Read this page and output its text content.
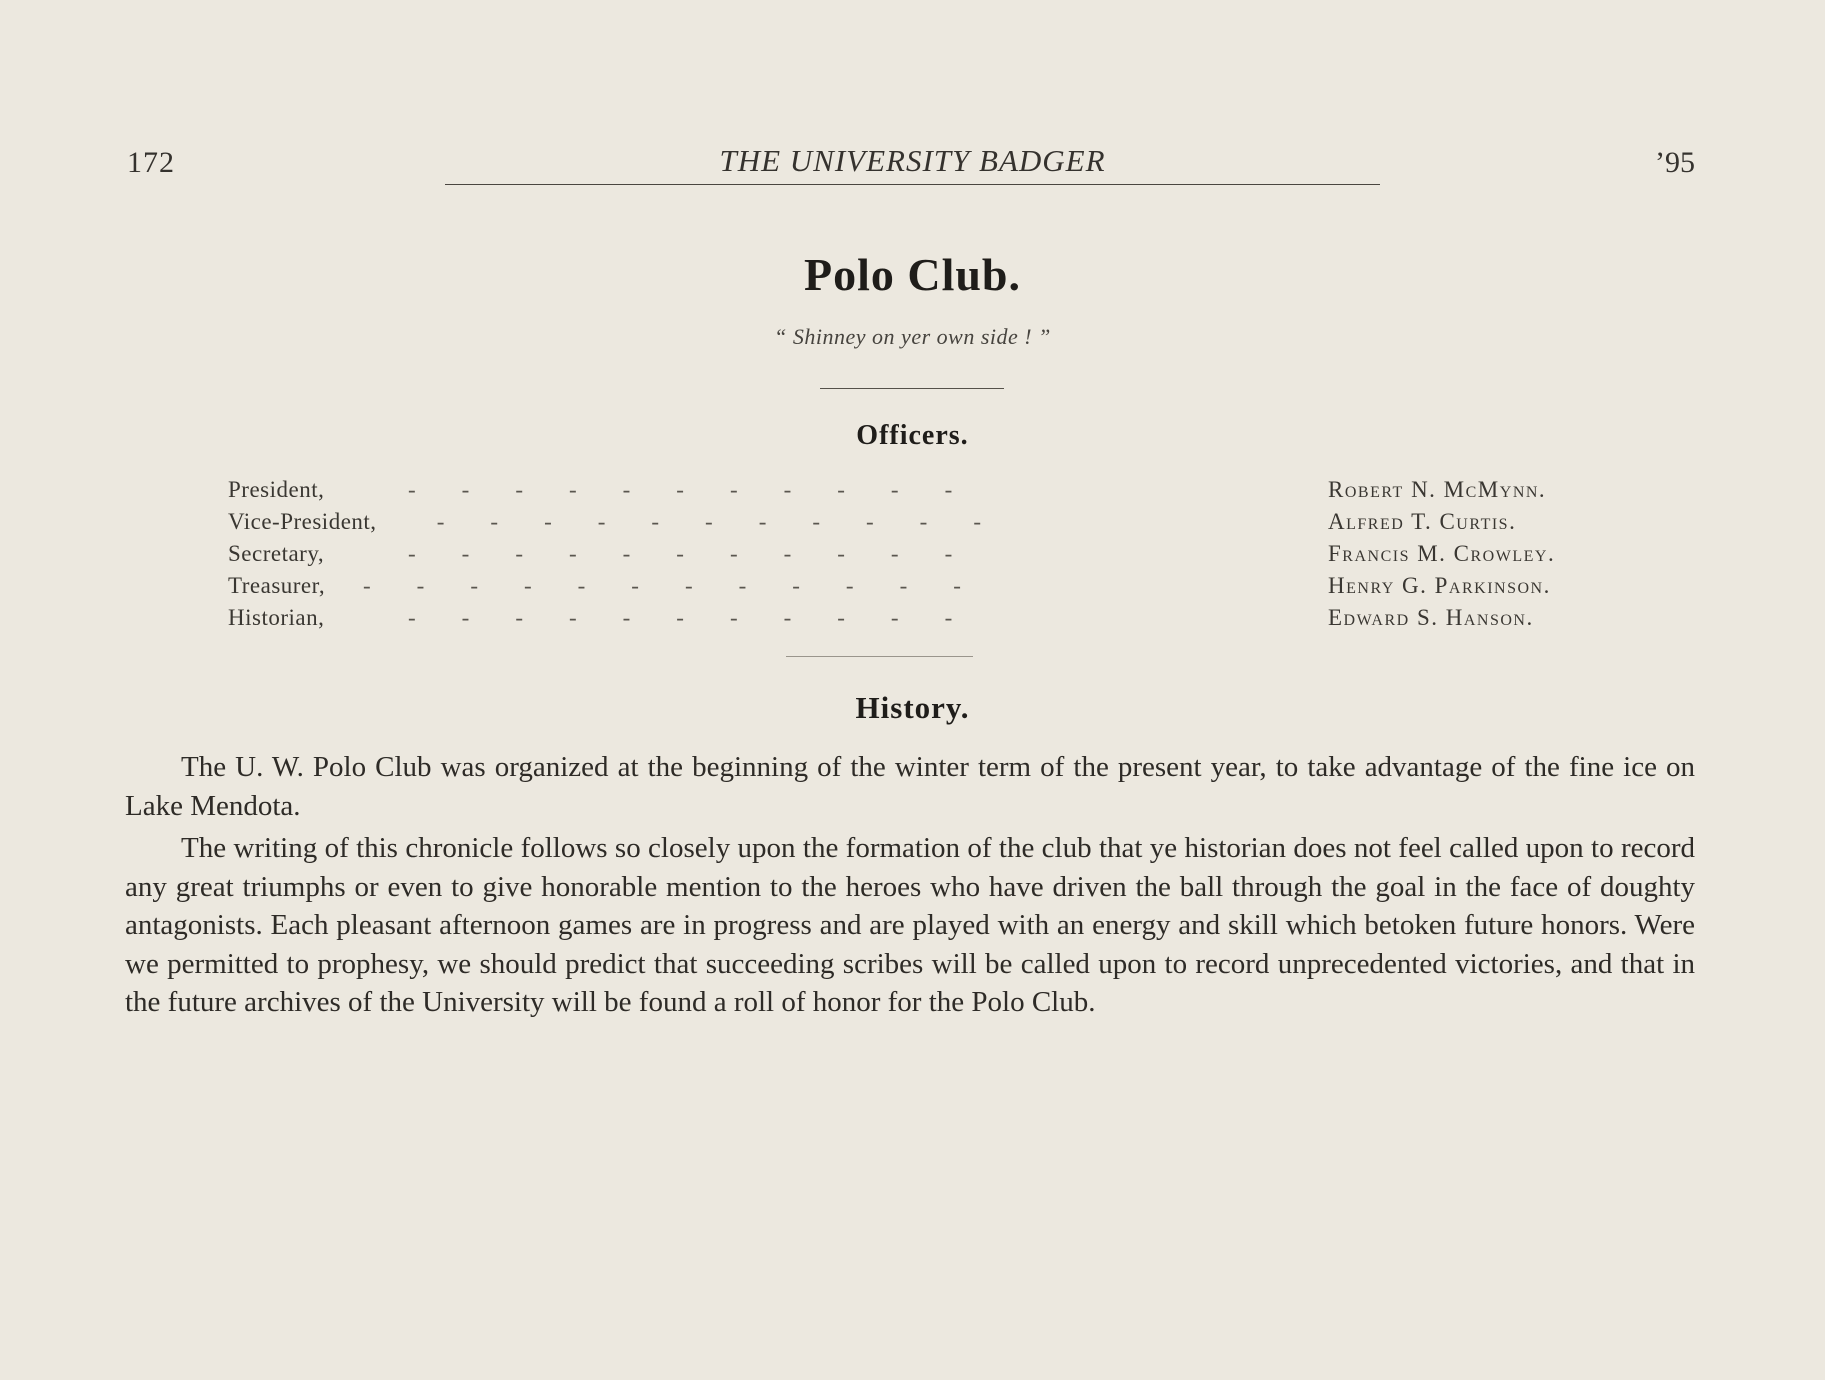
172	THE UNIVERSITY BADGER	’95
Polo Club.
“ Shinney on yer own side ! ”
Officers.
President,	-        -        -        -        -        -        -        -        -        -        -	Robert N. McMynn.
Vice-President, -        -        -        -        -        -        -        -        -        -        -	Alfred T. Curtis.
Secretary,	-        -        -        -        -        -        -        -        -        -        -	Francis M. Crowley.
Treasurer, -        -        -        -        -        -        -        -        -        -        -        -	Henry G. Parkinson.
Historian,	-        -        -        -        -        -        -        -        -        -        -	Edward S. Hanson.
History.

The U. W. Polo Club was organized at the beginning of the winter term of the present year, to take advantage of the fine ice on Lake Mendota.

The writing of this chronicle follows so closely upon the formation of the club that ye historian does not feel called upon to record any great triumphs or even to give honorable mention to the heroes who have driven the ball through the goal in the face of doughty antagonists. Each pleasant afternoon games are in progress and are played with an energy and skill which betoken future honors. Were we permitted to prophesy, we should predict that succeeding scribes will be called upon to record unprecedented victories, and that in the future archives of the University will be found a roll of honor for the Polo Club.
